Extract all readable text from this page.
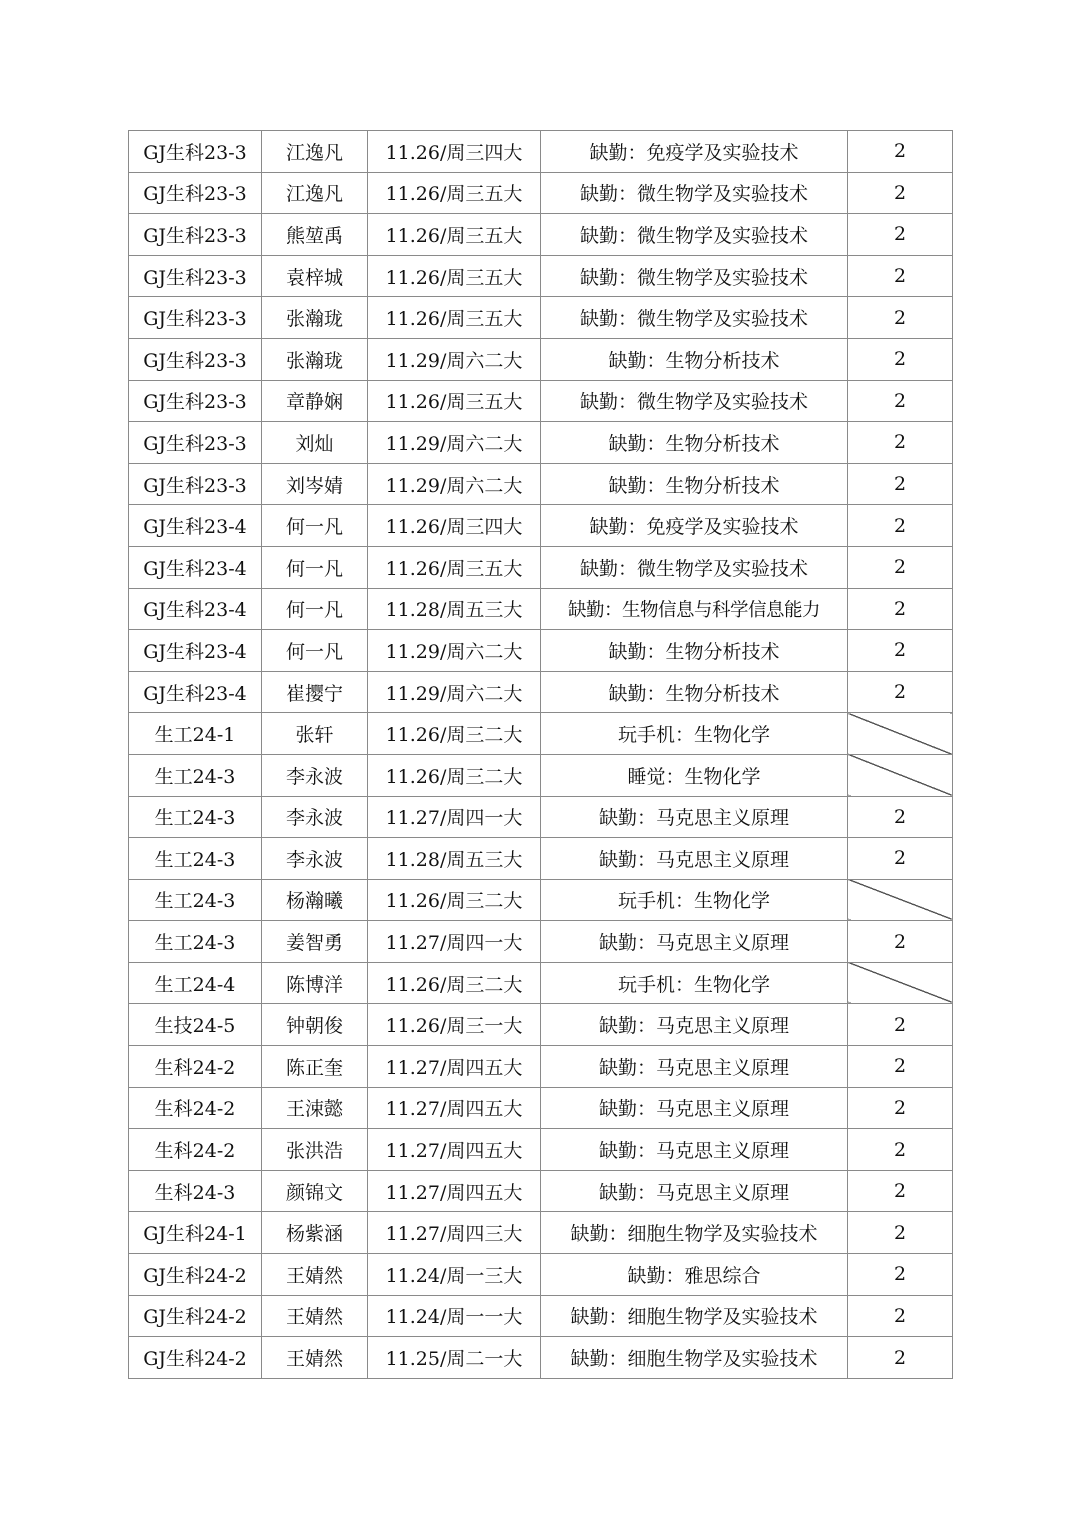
GJ生科23-3	江逸凡	11.26/周三四大	缺勤：免疫学及实验技术	2
GJ生科23-3	江逸凡	11.26/周三五大	缺勤：微生物学及实验技术	2
GJ生科23-3	熊堃禹	11.26/周三五大	缺勤：微生物学及实验技术	2
GJ生科23-3	袁梓城	11.26/周三五大	缺勤：微生物学及实验技术	2
GJ生科23-3	张瀚珑	11.26/周三五大	缺勤：微生物学及实验技术	2
GJ生科23-3	张瀚珑	11.29/周六二大	缺勤：生物分析技术	2
GJ生科23-3	章静娴	11.26/周三五大	缺勤：微生物学及实验技术	2
GJ生科23-3	刘灿	11.29/周六二大	缺勤：生物分析技术	2
GJ生科23-3	刘岑婧	11.29/周六二大	缺勤：生物分析技术	2
GJ生科23-4	何一凡	11.26/周三四大	缺勤：免疫学及实验技术	2
GJ生科23-4	何一凡	11.26/周三五大	缺勤：微生物学及实验技术	2
GJ生科23-4	何一凡	11.28/周五三大	缺勤：生物信息与科学信息能力	2
GJ生科23-4	何一凡	11.29/周六二大	缺勤：生物分析技术	2
GJ生科23-4	崔撄宁	11.29/周六二大	缺勤：生物分析技术	2
生工24-1	张轩	11.26/周三二大	玩手机：生物化学	
生工24-3	李永波	11.26/周三二大	睡觉：生物化学	
生工24-3	李永波	11.27/周四一大	缺勤：马克思主义原理	2
生工24-3	李永波	11.28/周五三大	缺勤：马克思主义原理	2
生工24-3	杨瀚曦	11.26/周三二大	玩手机：生物化学	
生工24-3	姜智勇	11.27/周四一大	缺勤：马克思主义原理	2
生工24-4	陈博洋	11.26/周三二大	玩手机：生物化学	
生技24-5	钟朝俊	11.26/周三一大	缺勤：马克思主义原理	2
生科24-2	陈正奎	11.27/周四五大	缺勤：马克思主义原理	2
生科24-2	王涑懿	11.27/周四五大	缺勤：马克思主义原理	2
生科24-2	张洪浩	11.27/周四五大	缺勤：马克思主义原理	2
生科24-3	颜锦文	11.27/周四五大	缺勤：马克思主义原理	2
GJ生科24-1	杨紫涵	11.27/周四三大	缺勤：细胞生物学及实验技术	2
GJ生科24-2	王婧然	11.24/周一三大	缺勤：雅思综合	2
GJ生科24-2	王婧然	11.24/周一一大	缺勤：细胞生物学及实验技术	2
GJ生科24-2	王婧然	11.25/周二一大	缺勤：细胞生物学及实验技术	2
